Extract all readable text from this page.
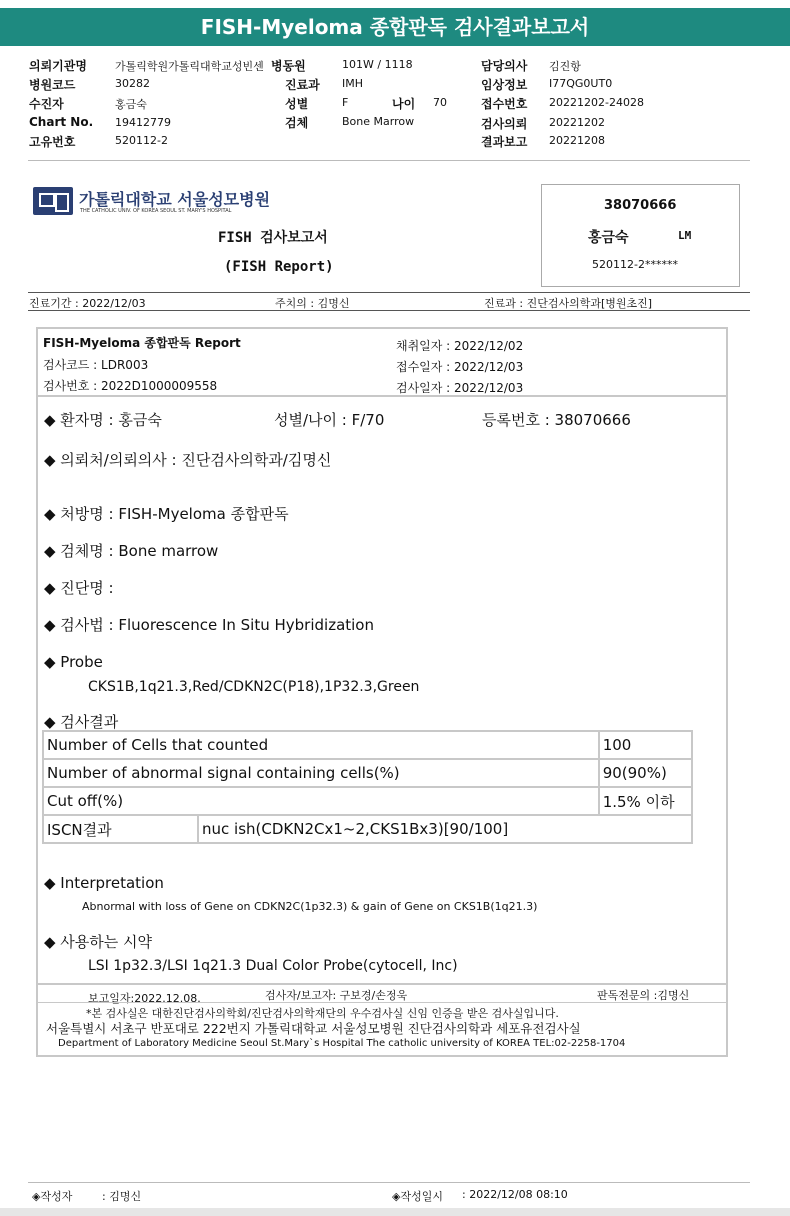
FISH-Myeloma 종합판독 검사결과보고서
의뢰기관명	가톨릭학원가톨릭대학교성빈센 병동원	101W / 1118	담당의사 김진항
병원코드	30282	진료과 IMH	임상정보 I77QG0UT0
수진자	홍금숙	성별	F	나이 70	접수번호 20221202-24028
Chart No. 19412779	검체	Bone Marrow	검사의뢰 20221202
고유번호	520112-2	결과보고 20221208
가톨릭대학교 서울성모병원
THE CATHOLIC UNIV. OF KOREA SEOUL ST. MARY'S HOSPITAL
FISH 검사보고서
(FISH Report)
38070666
홍금숙	LM
520112-2******
진료기간 : 2022/12/03	주치의 : 김명신	진료과 : 진단검사의학과[병원초진]
FISH-Myeloma 종합판독 Report
검사코드 : LDR003
검사번호 : 2022D1000009558
채취일자 : 2022/12/02
접수일자 : 2022/12/03
검사일자 : 2022/12/03
◆ 환자명 : 홍금숙	성별/나이 : F/70	등록번호 : 38070666
◆ 의뢰처/의뢰의사 : 진단검사의학과/김명신
◆ 처방명 : FISH-Myeloma 종합판독
◆ 검체명 : Bone marrow
◆ 진단명 :
◆ 검사법 : Fluorescence In Situ Hybridization
◆ Probe
CKS1B,1q21.3,Red/CDKN2C(P18),1P32.3,Green
◆ 검사결과
Number of Cells that counted		100
Number of abnormal signal containing cells(%)		90(90%)
Cut off(%)		1.5% 이하
ISCN결과	nuc ish(CDKN2Cx1~2,CKS1Bx3)[90/100]	
◆ Interpretation
Abnormal with loss of Gene on CDKN2C(1p32.3) & gain of Gene on CKS1B(1q21.3)
◆ 사용하는 시약
LSI 1p32.3/LSI 1q21.3 Dual Color Probe(cytocell, Inc)
보고일자:2022.12.08.	검사자/보고자: 구보경/손정욱	판독전문의 :김명신
*본 검사실은 대한진단검사의학회/진단검사의학재단의 우수검사실 신임 인증을 받은 검사실입니다.
서울특별시 서초구 반포대로 222번지 가톨릭대학교 서울성모병원 진단검사의학과 세포유전검사실
Department of Laboratory Medicine Seoul St.Mary`s Hospital The catholic university of KOREA TEL:02-2258-1704
◈작성자	: 김명신	◈작성일시 : 2022/12/08 08:10
